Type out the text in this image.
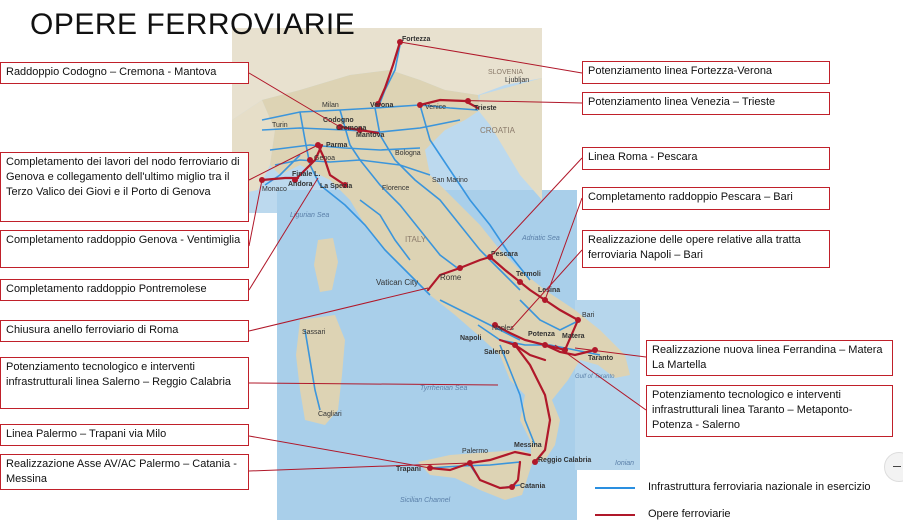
Fortezza
SLOVENIA
Ljubljan
Milan	Verona	Venice	Trieste
CROATIA
Codogno
Turin	Cremona
Mantova
Parma
Bologna
Genoa
Finale L.
Monaco
Andora La Spezia	Florence
San Marino
Ligurian Sea
ITALY	Adriatic Sea
Pescara
Termoli
Vatican City
Rome
Lesina
Sassari
Bari
Naples
Napoli
Potenza Matera
Salerno
Taranto
Gulf of Taranto
Tyrrhenian Sea
Cagliari
Messina
Palermo
Reggio Calabria
Trapani
Ionian
Catania
Sicilian Channel
OPERE FERROVIARIE
Raddoppio Codogno – Cremona - Mantova
Completamento dei lavori del nodo ferroviario di Genova e collegamento dell'ultimo miglio tra il Terzo Valico dei Giovi e il Porto di Genova
Completamento raddoppio Genova - Ventimiglia
Completamento raddoppio Pontremolese
Chiusura anello ferroviario di Roma
Potenziamento tecnologico e interventi infrastrutturali linea Salerno – Reggio Calabria
Linea Palermo – Trapani via Milo
Realizzazione Asse AV/AC Palermo – Catania -Messina
Potenziamento linea Fortezza-Verona
Potenziamento linea Venezia – Trieste
Linea Roma - Pescara
Completamento raddoppio Pescara – Bari
Realizzazione delle opere relative alla tratta ferroviaria Napoli – Bari
Realizzazione nuova linea Ferrandina – Matera La Martella
Potenziamento tecnologico e interventi infrastrutturali linea Taranto – Metaponto-Potenza - Salerno
Infrastruttura ferroviaria nazionale in esercizio
Opere ferroviarie
